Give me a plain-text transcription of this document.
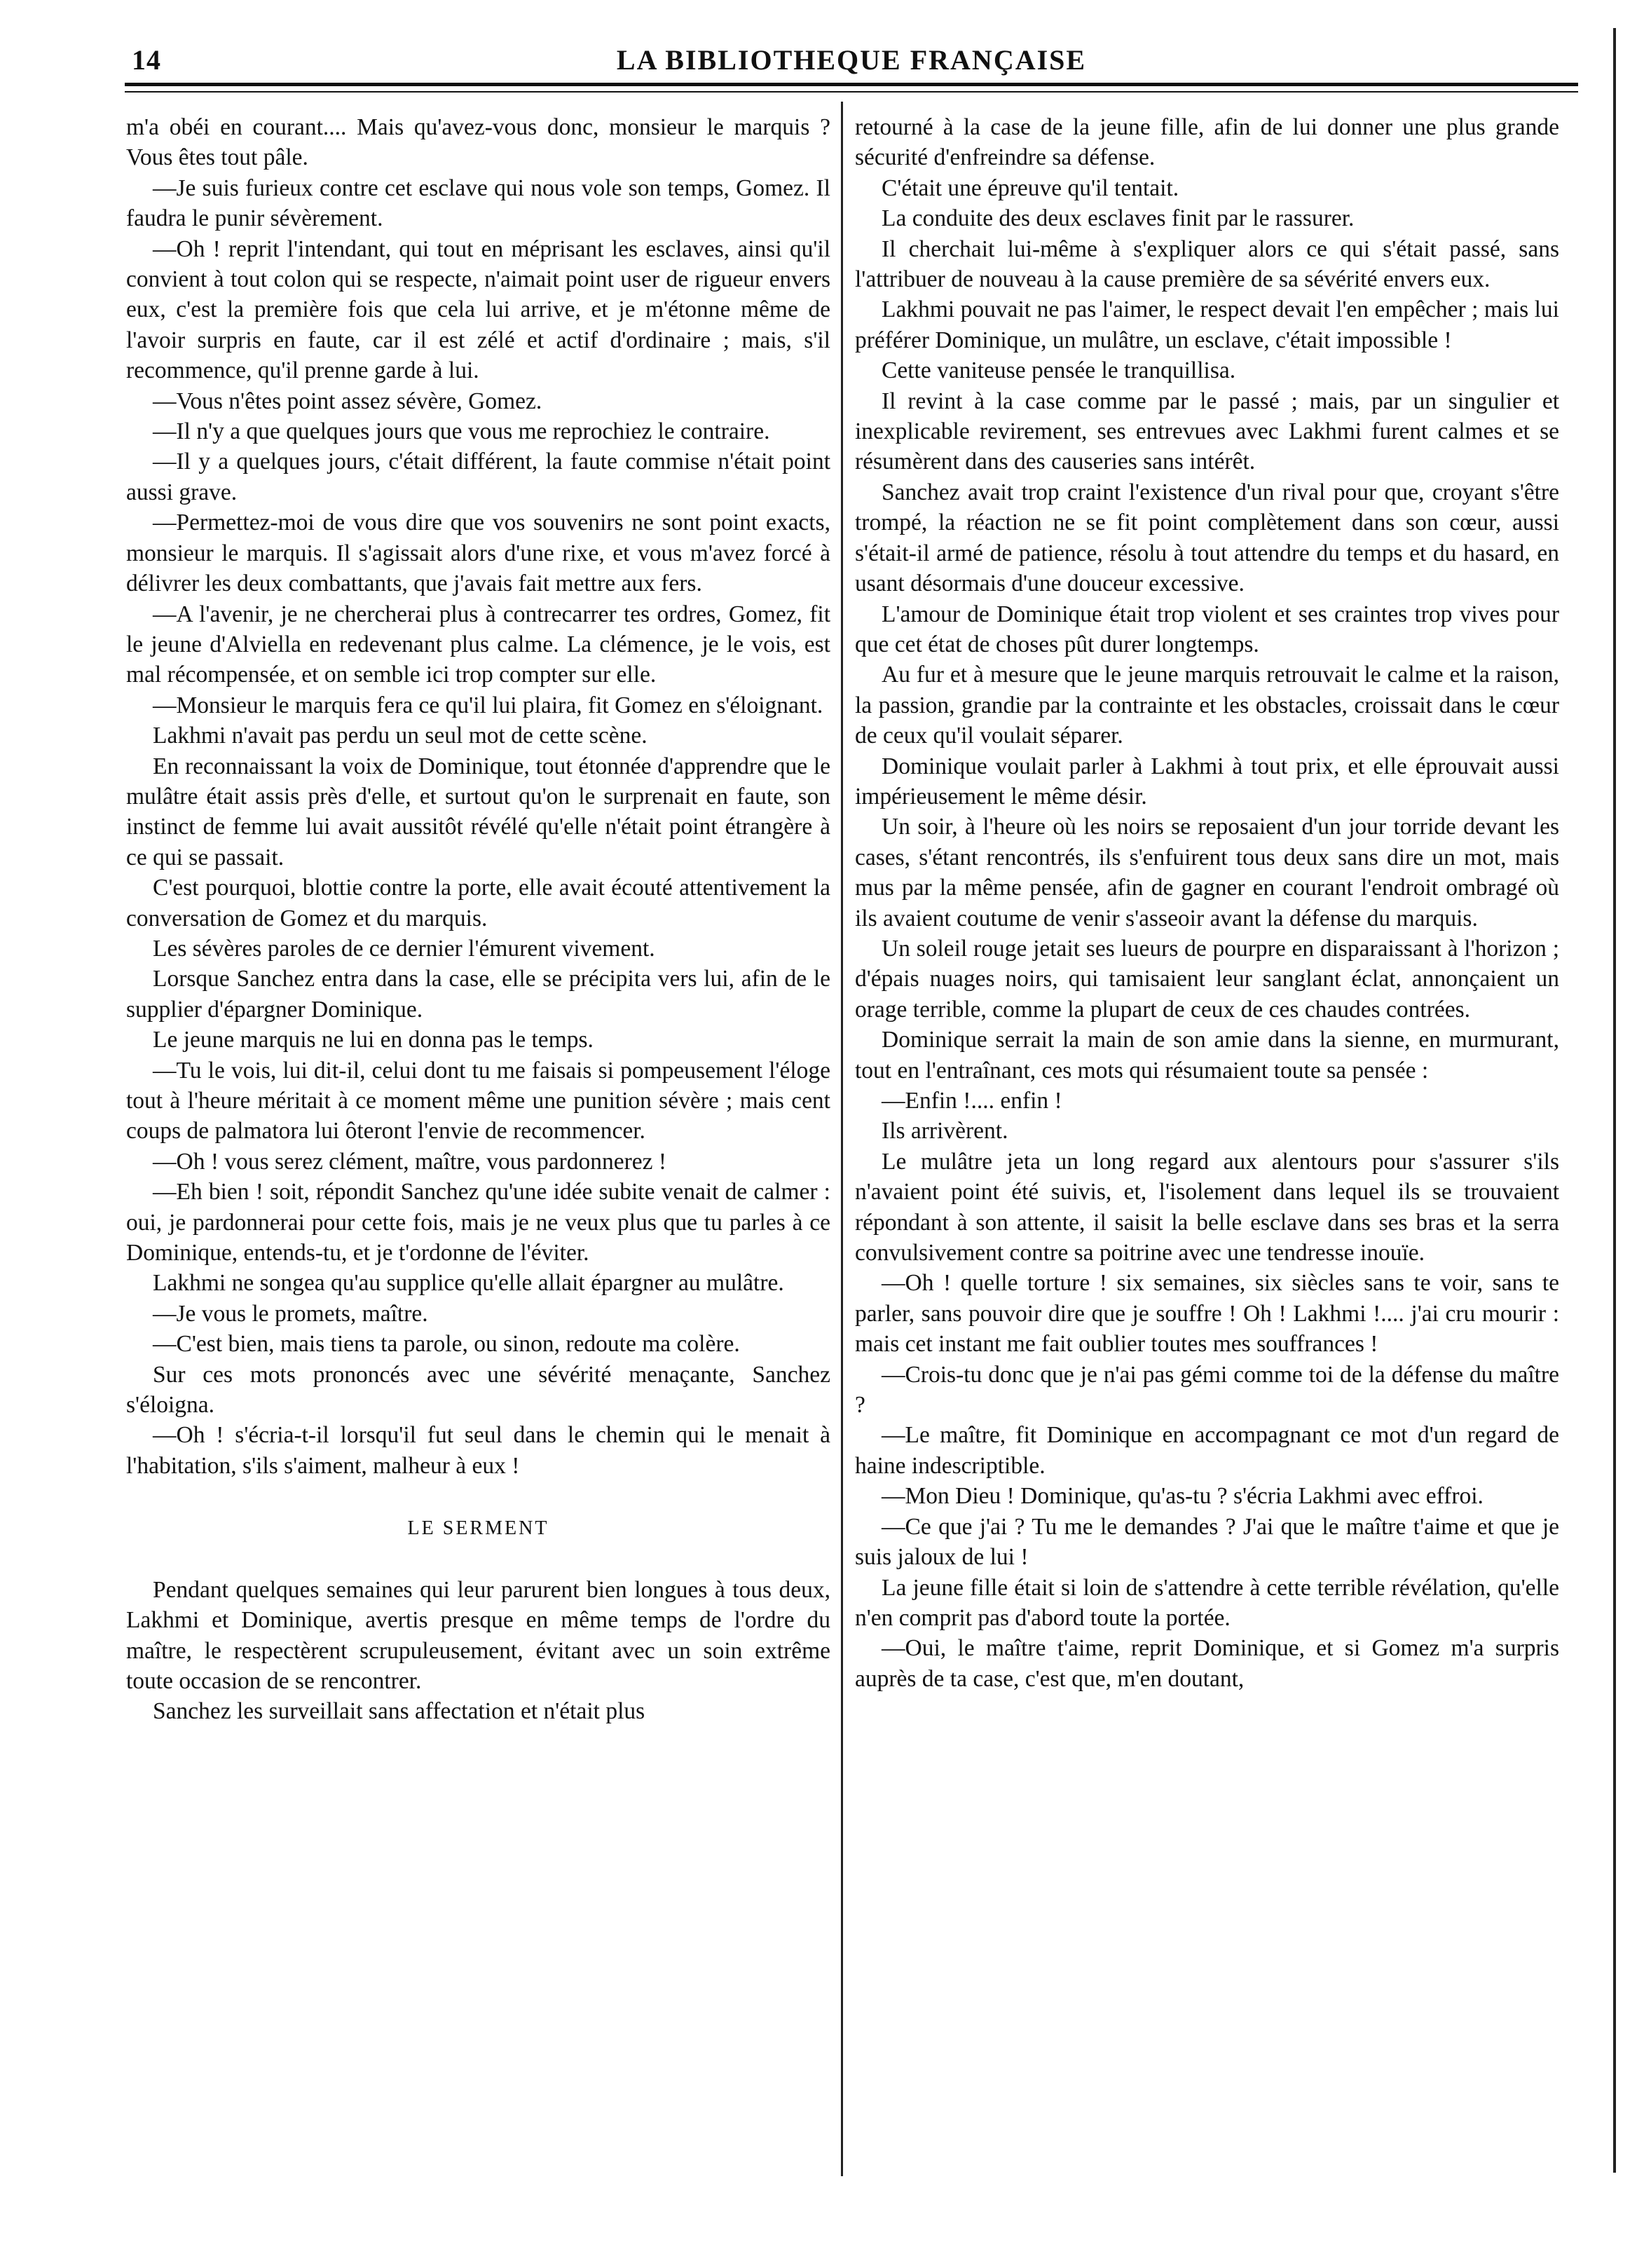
14	LA BIBLIOTHEQUE FRANÇAISE

m'a obéi en courant.... Mais qu'avez-vous donc, monsieur le marquis ? Vous êtes tout pâle.

—Je suis furieux contre cet esclave qui nous vole son temps, Gomez. Il faudra le punir sévèrement.

—Oh ! reprit l'intendant, qui tout en méprisant les esclaves, ainsi qu'il convient à tout colon qui se respecte, n'aimait point user de rigueur envers eux, c'est la première fois que cela lui arrive, et je m'étonne même de l'avoir surpris en faute, car il est zélé et actif d'ordinaire ; mais, s'il recommence, qu'il prenne garde à lui.

—Vous n'êtes point assez sévère, Gomez.

—Il n'y a que quelques jours que vous me reprochiez le contraire.

—Il y a quelques jours, c'était différent, la faute commise n'était point aussi grave.

—Permettez-moi de vous dire que vos souvenirs ne sont point exacts, monsieur le marquis. Il s'agissait alors d'une rixe, et vous m'avez forcé à délivrer les deux combattants, que j'avais fait mettre aux fers.

—A l'avenir, je ne chercherai plus à contrecarrer tes ordres, Gomez, fit le jeune d'Alviella en redevenant plus calme. La clémence, je le vois, est mal récompensée, et on semble ici trop compter sur elle.

—Monsieur le marquis fera ce qu'il lui plaira, fit Gomez en s'éloignant.

Lakhmi n'avait pas perdu un seul mot de cette scène.

En reconnaissant la voix de Dominique, tout étonnée d'apprendre que le mulâtre était assis près d'elle, et surtout qu'on le surprenait en faute, son instinct de femme lui avait aussitôt révélé qu'elle n'était point étrangère à ce qui se passait.

C'est pourquoi, blottie contre la porte, elle avait écouté attentivement la conversation de Gomez et du marquis.

Les sévères paroles de ce dernier l'émurent vivement.

Lorsque Sanchez entra dans la case, elle se précipita vers lui, afin de le supplier d'épargner Dominique.

Le jeune marquis ne lui en donna pas le temps.

—Tu le vois, lui dit-il, celui dont tu me faisais si pompeusement l'éloge tout à l'heure méritait à ce moment même une punition sévère ; mais cent coups de palmatora lui ôteront l'envie de recommencer.

—Oh ! vous serez clément, maître, vous pardonnerez !

—Eh bien ! soit, répondit Sanchez qu'une idée subite venait de calmer : oui, je pardonnerai pour cette fois, mais je ne veux plus que tu parles à ce Dominique, entends-tu, et je t'ordonne de l'éviter.

Lakhmi ne songea qu'au supplice qu'elle allait épargner au mulâtre.

—Je vous le promets, maître.

—C'est bien, mais tiens ta parole, ou sinon, redoute ma colère.

Sur ces mots prononcés avec une sévérité menaçante, Sanchez s'éloigna.

—Oh ! s'écria-t-il lorsqu'il fut seul dans le chemin qui le menait à l'habitation, s'ils s'aiment, malheur à eux !

LE SERMENT

Pendant quelques semaines qui leur parurent bien longues à tous deux, Lakhmi et Dominique, avertis presque en même temps de l'ordre du maître, le respectèrent scrupuleusement, évitant avec un soin extrême toute occasion de se rencontrer.

Sanchez les surveillait sans affectation et n'était plus

retourné à la case de la jeune fille, afin de lui donner une plus grande sécurité d'enfreindre sa défense.

C'était une épreuve qu'il tentait.

La conduite des deux esclaves finit par le rassurer.

Il cherchait lui-même à s'expliquer alors ce qui s'était passé, sans l'attribuer de nouveau à la cause première de sa sévérité envers eux.

Lakhmi pouvait ne pas l'aimer, le respect devait l'en empêcher ; mais lui préférer Dominique, un mulâtre, un esclave, c'était impossible !

Cette vaniteuse pensée le tranquillisa.

Il revint à la case comme par le passé ; mais, par un singulier et inexplicable revirement, ses entrevues avec Lakhmi furent calmes et se résumèrent dans des causeries sans intérêt.

Sanchez avait trop craint l'existence d'un rival pour que, croyant s'être trompé, la réaction ne se fit point complètement dans son cœur, aussi s'était-il armé de patience, résolu à tout attendre du temps et du hasard, en usant désormais d'une douceur excessive.

L'amour de Dominique était trop violent et ses craintes trop vives pour que cet état de choses pût durer longtemps.

Au fur et à mesure que le jeune marquis retrouvait le calme et la raison, la passion, grandie par la contrainte et les obstacles, croissait dans le cœur de ceux qu'il voulait séparer.

Dominique voulait parler à Lakhmi à tout prix, et elle éprouvait aussi impérieusement le même désir.

Un soir, à l'heure où les noirs se reposaient d'un jour torride devant les cases, s'étant rencontrés, ils s'enfuirent tous deux sans dire un mot, mais mus par la même pensée, afin de gagner en courant l'endroit ombragé où ils avaient coutume de venir s'asseoir avant la défense du marquis.

Un soleil rouge jetait ses lueurs de pourpre en disparaissant à l'horizon ; d'épais nuages noirs, qui tamisaient leur sanglant éclat, annonçaient un orage terrible, comme la plupart de ceux de ces chaudes contrées.

Dominique serrait la main de son amie dans la sienne, en murmurant, tout en l'entraînant, ces mots qui résumaient toute sa pensée :

—Enfin !.... enfin !

Ils arrivèrent.

Le mulâtre jeta un long regard aux alentours pour s'assurer s'ils n'avaient point été suivis, et, l'isolement dans lequel ils se trouvaient répondant à son attente, il saisit la belle esclave dans ses bras et la serra convulsivement contre sa poitrine avec une tendresse inouïe.

—Oh ! quelle torture ! six semaines, six siècles sans te voir, sans te parler, sans pouvoir dire que je souffre ! Oh ! Lakhmi !.... j'ai cru mourir : mais cet instant me fait oublier toutes mes souffrances !

—Crois-tu donc que je n'ai pas gémi comme toi de la défense du maître ?

—Le maître, fit Dominique en accompagnant ce mot d'un regard de haine indescriptible.

—Mon Dieu ! Dominique, qu'as-tu ? s'écria Lakhmi avec effroi.

—Ce que j'ai ? Tu me le demandes ? J'ai que le maître t'aime et que je suis jaloux de lui !

La jeune fille était si loin de s'attendre à cette terrible révélation, qu'elle n'en comprit pas d'abord toute la portée.

—Oui, le maître t'aime, reprit Dominique, et si Gomez m'a surpris auprès de ta case, c'est que, m'en doutant,
